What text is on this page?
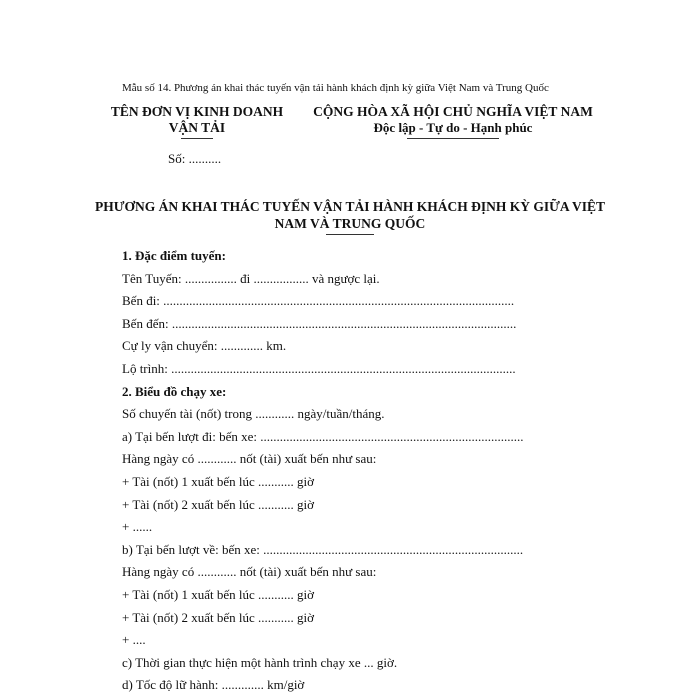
Mẫu số 14. Phương án khai thác tuyến vận tải hành khách định kỳ giữa Việt Nam và Trung Quốc
TÊN ĐƠN VỊ KINH DOANH
VẬN TẢI
CỘNG HÒA XÃ HỘI CHỦ NGHĨA VIỆT NAM
Độc lập - Tự do - Hạnh phúc
Số: ..........
PHƯƠNG ÁN KHAI THÁC TUYẾN VẬN TẢI HÀNH KHÁCH ĐỊNH KỲ GIỮA VIỆT
NAM VÀ TRUNG QUỐC
1. Đặc điểm tuyến:
Tên Tuyến: ................ đi ................. và ngược lại.
Bến đi: ............................................................................................................
Bến đến: ..........................................................................................................
Cự ly vận chuyển: ............. km.
Lộ trình: ..........................................................................................................
2. Biểu đồ chạy xe:
Số chuyến tài (nốt) trong ............ ngày/tuần/tháng.
a) Tại bến lượt đi: bến xe: .................................................................................
Hàng ngày có ............ nốt (tài) xuất bến như sau:
+ Tài (nốt) 1 xuất bến lúc ........... giờ
+ Tài (nốt) 2 xuất bến lúc ........... giờ
+ ......
b) Tại bến lượt về: bến xe: ................................................................................
Hàng ngày có ............ nốt (tài) xuất bến như sau:
+ Tài (nốt) 1 xuất bến lúc ........... giờ
+ Tài (nốt) 2 xuất bến lúc ........... giờ
+ ....
c) Thời gian thực hiện một hành trình chạy xe ... giờ.
d) Tốc độ lữ hành: ............. km/giờ
